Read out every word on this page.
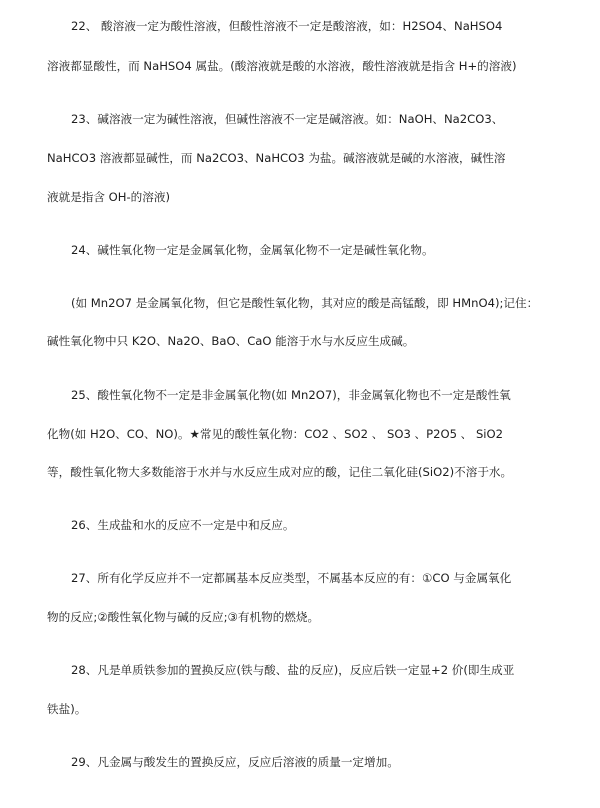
22、 酸溶液一定为酸性溶液，但酸性溶液不一定是酸溶液，如：H2SO4、NaHSO4
溶液都显酸性，而 NaHSO4 属盐。(酸溶液就是酸的水溶液，酸性溶液就是指含 H+的溶液)
23、碱溶液一定为碱性溶液，但碱性溶液不一定是碱溶液。如：NaOH、Na2CO3、
NaHCO3 溶液都显碱性，而 Na2CO3、NaHCO3 为盐。碱溶液就是碱的水溶液，碱性溶
液就是指含 OH-的溶液)
24、碱性氧化物一定是金属氧化物，金属氧化物不一定是碱性氧化物。
(如 Mn2O7 是金属氧化物，但它是酸性氧化物，其对应的酸是高锰酸，即 HMnO4);记住：
碱性氧化物中只 K2O、Na2O、BaO、CaO 能溶于水与水反应生成碱。
25、酸性氧化物不一定是非金属氧化物(如 Mn2O7)，非金属氧化物也不一定是酸性氧
化物(如 H2O、CO、NO)。★常见的酸性氧化物：CO2 、SO2 、 SO3 、P2O5 、 SiO2
等，酸性氧化物大多数能溶于水并与水反应生成对应的酸，记住二氧化硅(SiO2)不溶于水。
26、生成盐和水的反应不一定是中和反应。
27、所有化学反应并不一定都属基本反应类型，不属基本反应的有：①CO 与金属氧化
物的反应;②酸性氧化物与碱的反应;③有机物的燃烧。
28、凡是单质铁参加的置换反应(铁与酸、盐的反应)，反应后铁一定显+2 价(即生成亚
铁盐)。
29、凡金属与酸发生的置换反应，反应后溶液的质量一定增加。
